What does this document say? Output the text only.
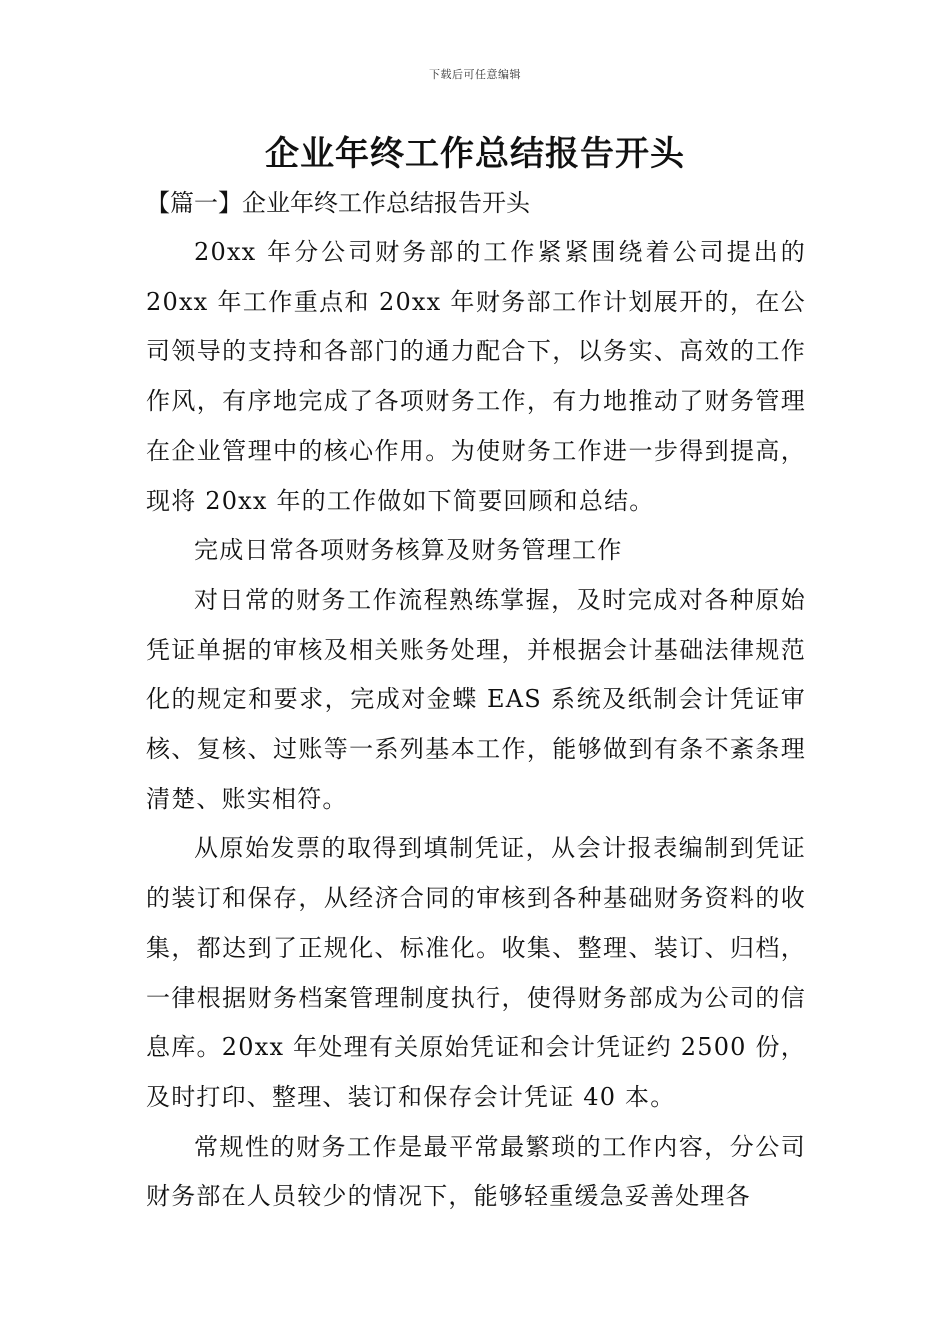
下载后可任意编辑
企业年终工作总结报告开头
【篇一】企业年终工作总结报告开头

20xx 年分公司财务部的工作紧紧围绕着公司提出的 20xx 年工作重点和 20xx 年财务部工作计划展开的，在公司领导的支持和各部门的通力配合下，以务实、高效的工作作风，有序地完成了各项财务工作，有力地推动了财务管理在企业管理中的核心作用。为使财务工作进一步得到提高，现将 20xx 年的工作做如下简要回顾和总结。

完成日常各项财务核算及财务管理工作

对日常的财务工作流程熟练掌握，及时完成对各种原始凭证单据的审核及相关账务处理，并根据会计基础法律规范化的规定和要求，完成对金蝶 EAS 系统及纸制会计凭证审核、复核、过账等一系列基本工作，能够做到有条不紊条理清楚、账实相符。

从原始发票的取得到填制凭证，从会计报表编制到凭证的装订和保存，从经济合同的审核到各种基础财务资料的收集，都达到了正规化、标准化。收集、整理、装订、归档，一律根据财务档案管理制度执行，使得财务部成为公司的信息库。20xx 年处理有关原始凭证和会计凭证约 2500 份，及时打印、整理、装订和保存会计凭证 40 本。

常规性的财务工作是最平常最繁琐的工作内容，分公司财务部在人员较少的情况下，能够轻重缓急妥善处理各
